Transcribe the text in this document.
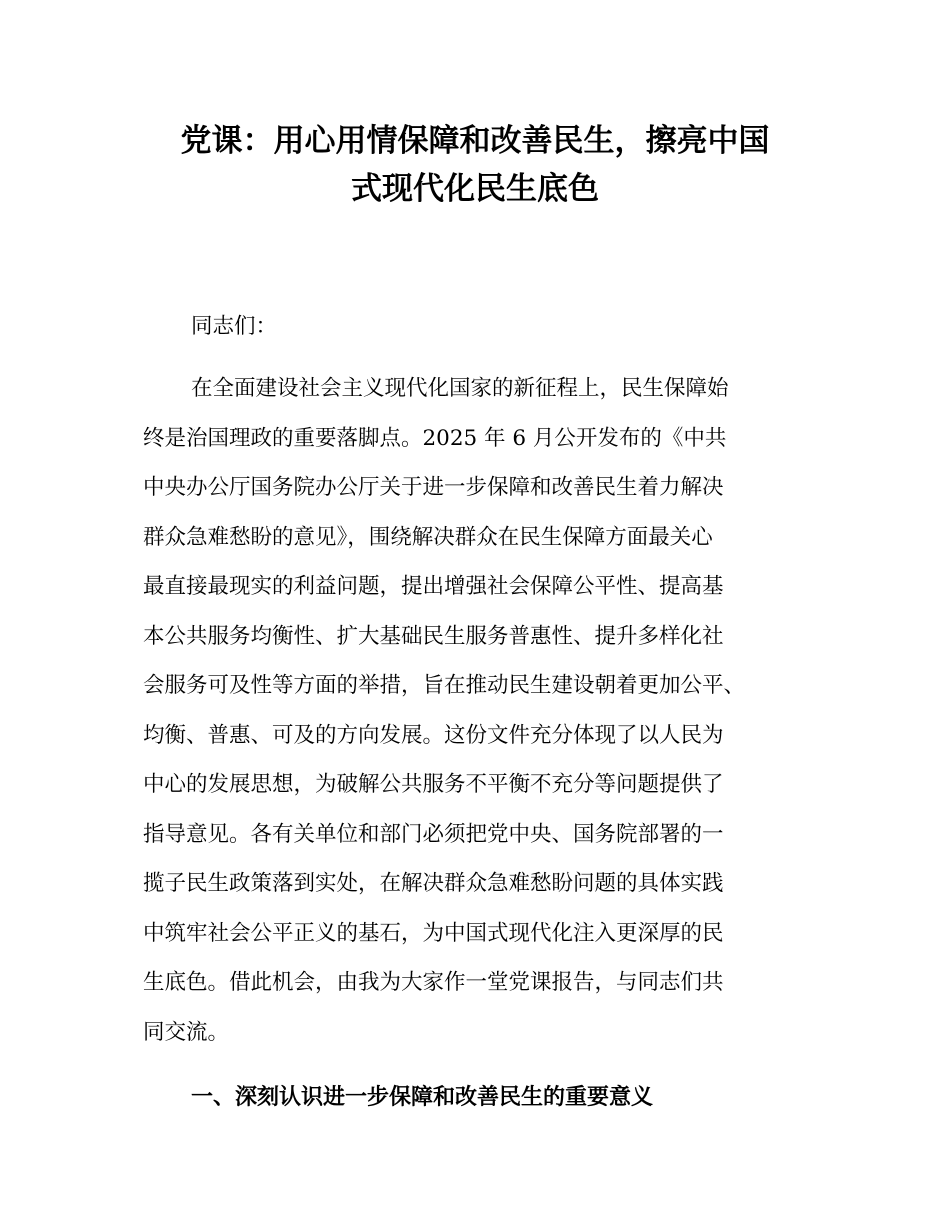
党课：用心用情保障和改善民生，擦亮中国
式现代化民生底色

同志们：

在全面建设社会主义现代化国家的新征程上，民生保障始
终是治国理政的重要落脚点。2025 年 6 月公开发布的《中共
中央办公厅国务院办公厅关于进一步保障和改善民生着力解决
群众急难愁盼的意见》，围绕解决群众在民生保障方面最关心
最直接最现实的利益问题，提出增强社会保障公平性、提高基
本公共服务均衡性、扩大基础民生服务普惠性、提升多样化社
会服务可及性等方面的举措，旨在推动民生建设朝着更加公平、
均衡、普惠、可及的方向发展。这份文件充分体现了以人民为
中心的发展思想，为破解公共服务不平衡不充分等问题提供了
指导意见。各有关单位和部门必须把党中央、国务院部署的一
揽子民生政策落到实处，在解决群众急难愁盼问题的具体实践
中筑牢社会公平正义的基石，为中国式现代化注入更深厚的民
生底色。借此机会，由我为大家作一堂党课报告，与同志们共
同交流。
一、深刻认识进一步保障和改善民生的重要意义
